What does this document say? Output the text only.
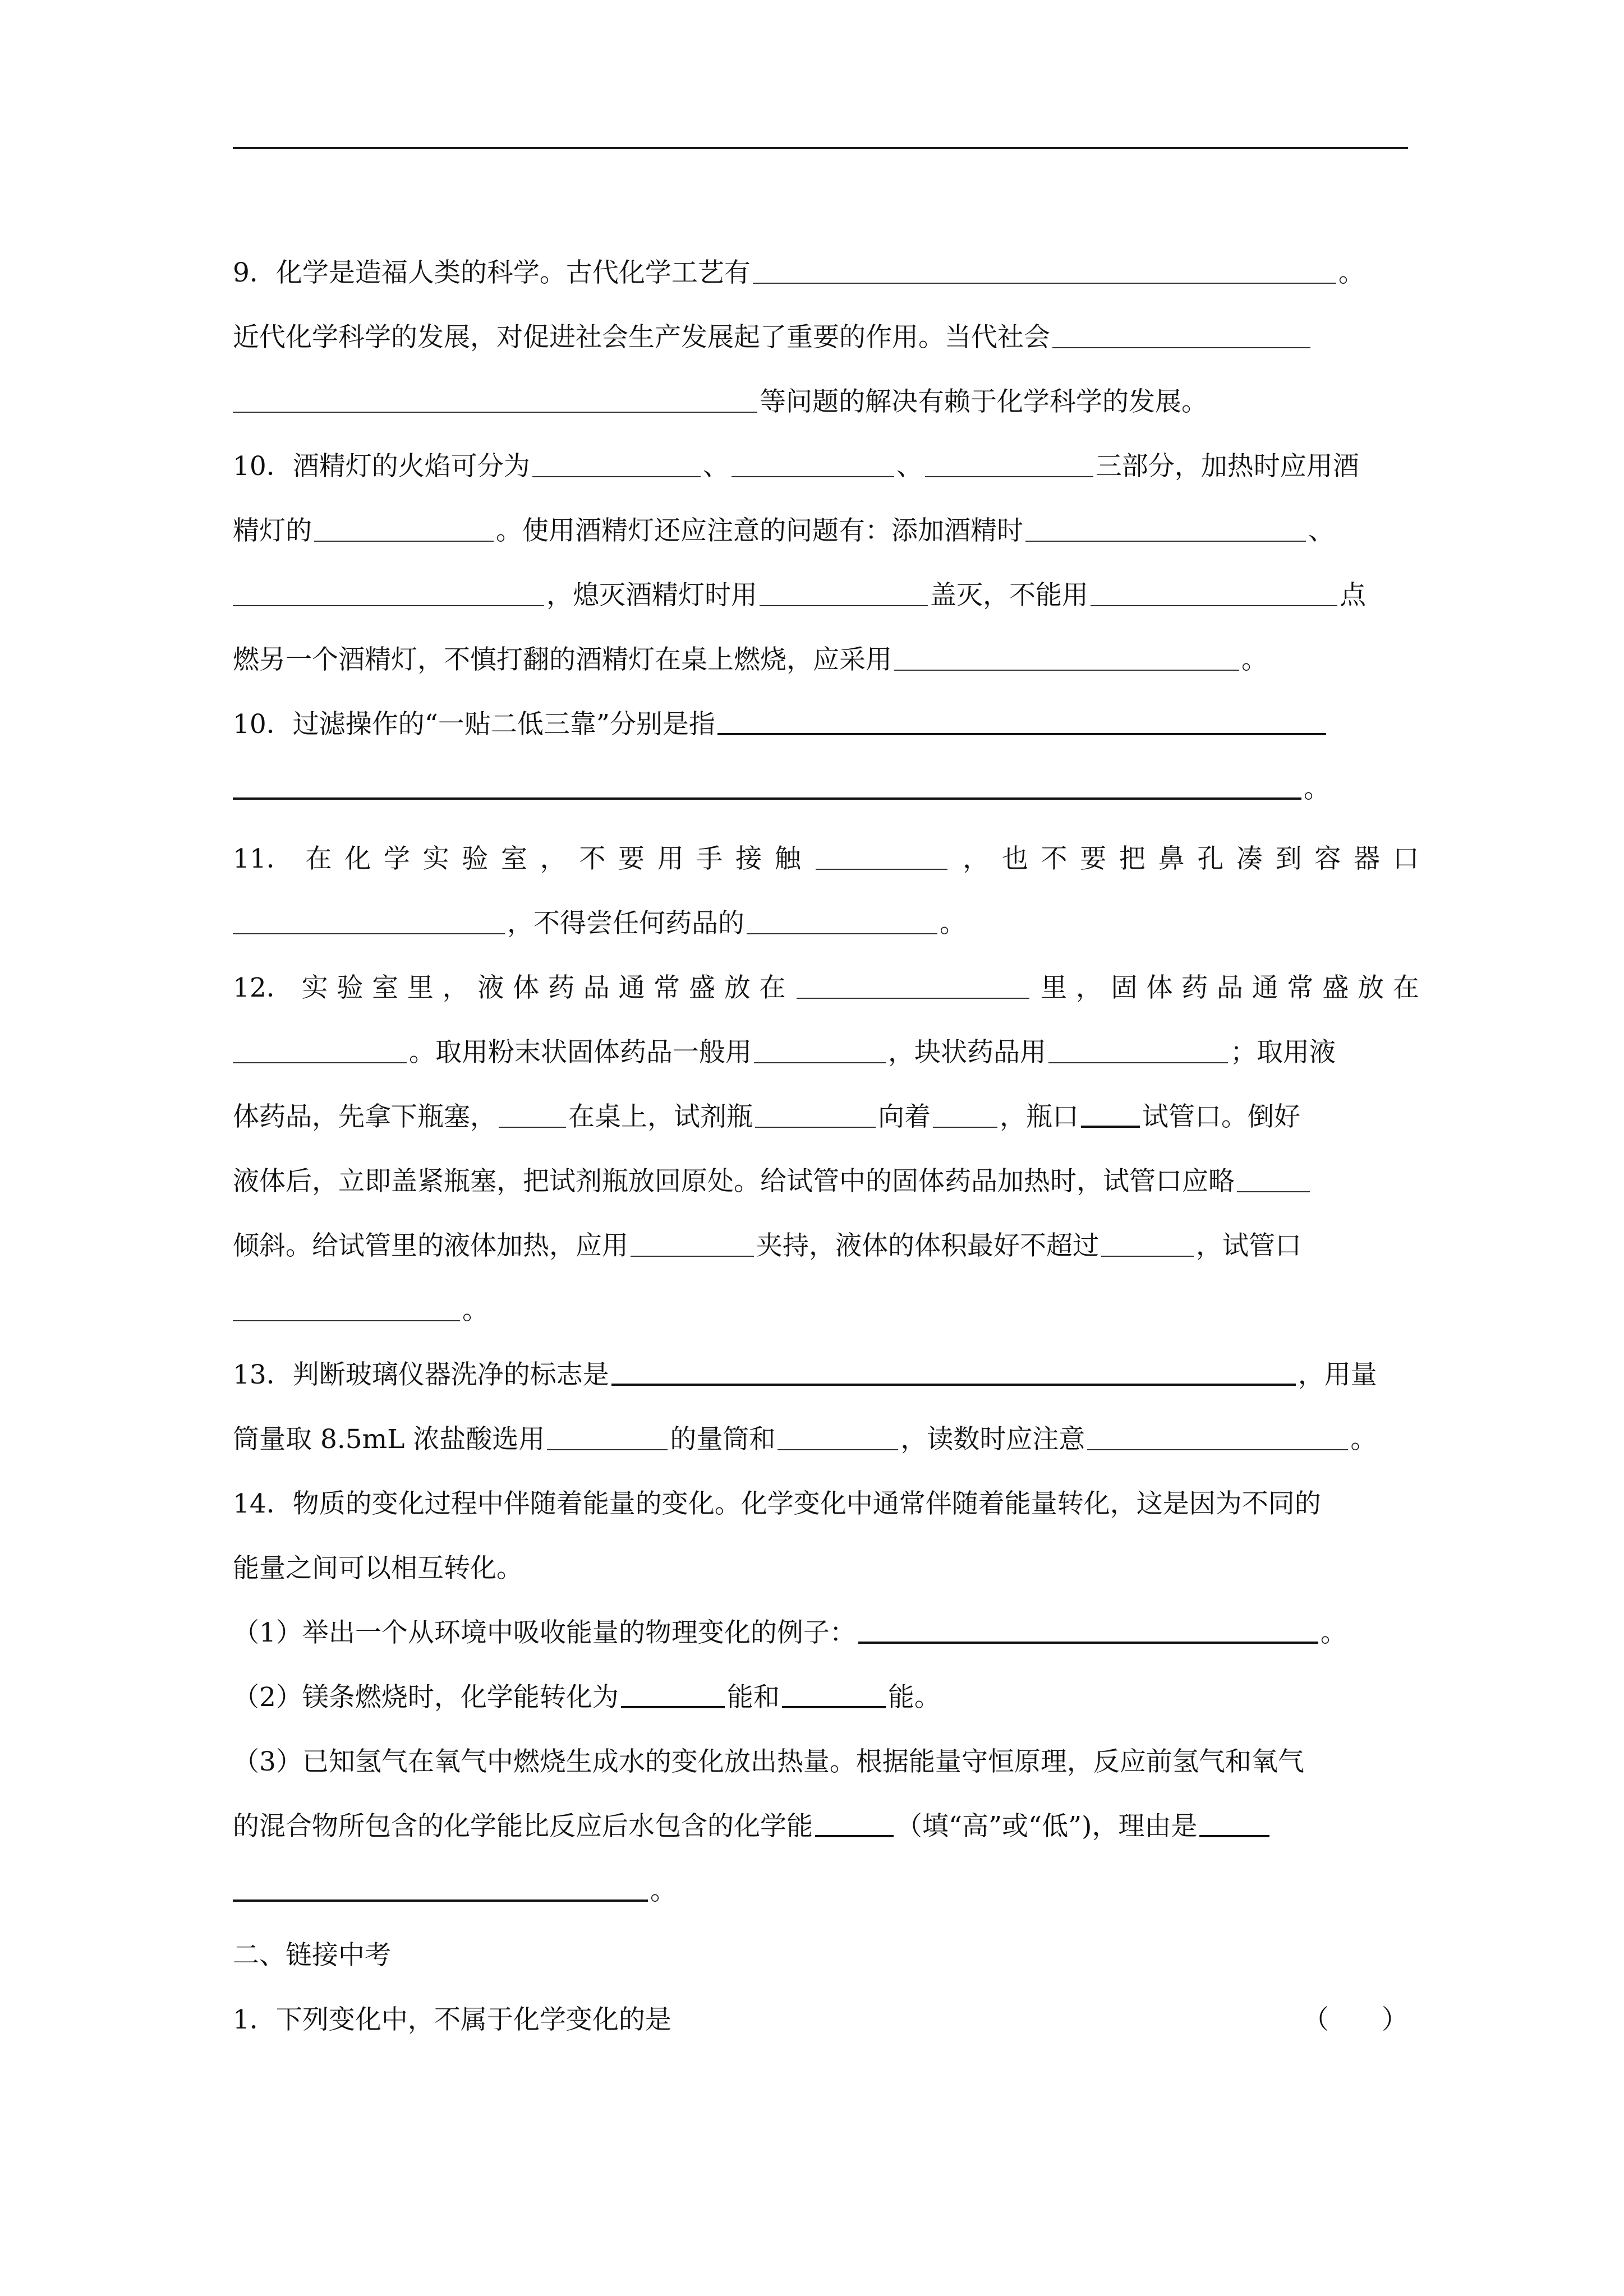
9．化学是造福人类的科学。古代化学工艺有	。
近代化学科学的发展，对促进社会生产发展起了重要的作用。当代社会
等问题的解决有赖于化学科学的发展。
10．酒精灯的火焰可分为	、	、	三部分，加热时应用酒
精灯的	。使用酒精灯还应注意的问题有：添加酒精时	、
，熄灭酒精灯时用	盖灭，不能用	点
燃另一个酒精灯，不慎打翻的酒精灯在桌上燃烧，应采用	。
10．过滤操作的“一贴二低三靠”分别是指
。
11． 在 化 学 实 验 室 ， 不 要 用 手 接 触	， 也 不 要 把 鼻 孔 凑 到 容 器 口
，不得尝任何药品的	。
12． 实 验 室 里 ， 液 体 药 品 通 常 盛 放 在	里 ， 固 体 药 品 通 常 盛 放 在
。取用粉末状固体药品一般用	，块状药品用	；取用液
体药品，先拿下瓶塞，	在桌上，试剂瓶	向着	，瓶口 试管口。倒好
液体后，立即盖紧瓶塞，把试剂瓶放回原处。给试管中的固体药品加热时，试管口应略
倾斜。给试管里的液体加热，应用	夹持，液体的体积最好不超过	，试管口
。
13．判断玻璃仪器洗净的标志是	，用量
筒量取 8.5mL 浓盐酸选用	的量筒和	，读数时应注意	。
14．物质的变化过程中伴随着能量的变化。化学变化中通常伴随着能量转化，这是因为不同的
能量之间可以相互转化。
（1）举出一个从环境中吸收能量的物理变化的例子：	。
（2）镁条燃烧时，化学能转化为	能和	能。
（3）已知氢气在氧气中燃烧生成水的变化放出热量。根据能量守恒原理，反应前氢气和氧气
的混合物所包含的化学能比反应后水包含的化学能	（填“高”或“低”)，理由是
。
二、链接中考
1．下列变化中，不属于化学变化的是	（　　）
